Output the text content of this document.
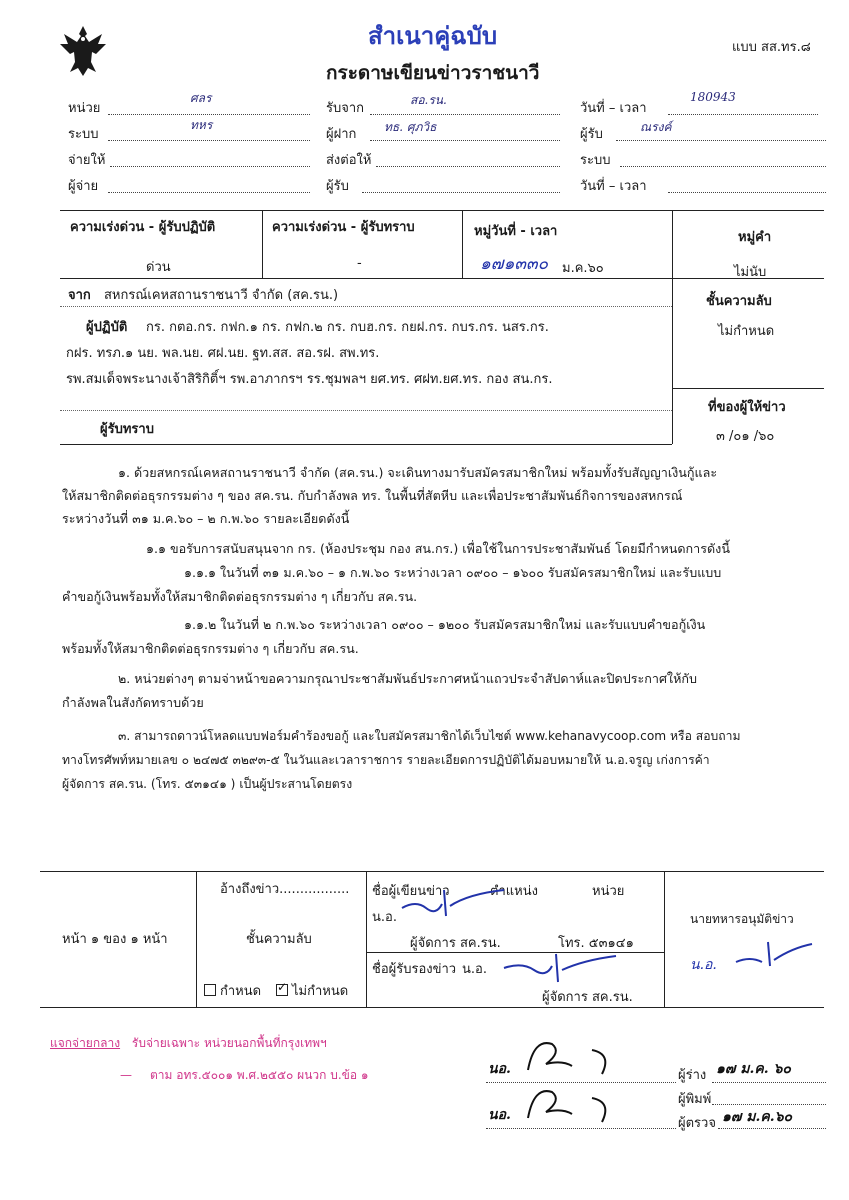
สำเนาคู่ฉบับ	แบบ สส.ทร.๘
กระดาษเขียนข่าวราชนาวี
หน่วย
ศลร
ระบบ
ทหร
จ่ายให้
ผู้จ่าย
รับจาก
สอ.รน.
ผู้ฝาก ทธ. ศุภวิธ
ส่งต่อให้
ผู้รับ
วันที่ – เวลา
180943
ผู้รับ	ณรงค์
ระบบ
วันที่ – เวลา
ความเร่งด่วน - ผู้รับปฏิบัติ
ด่วน
ความเร่งด่วน - ผู้รับทราบ
-
หมู่วันที่ - เวลา
๑๗๑๓๓๐ ม.ค.๖๐
หมู่คำ
ไม่นับ
จาก สหกรณ์เคหสถานราชนาวี จำกัด (สค.รน.)	ชั้นความลับ
ไม่กำหนด
ผู้ปฏิบัติ กร. กตอ.กร. กฟก.๑ กร. กฟก.๒ กร. กบฮ.กร. กยฝ.กร. กบร.กร. นสร.กร.
กฝร. ทรภ.๑ นย. พล.นย. ศฝ.นย. ฐท.สส. สอ.รฝ. สพ.ทร.
รพ.สมเด็จพระนางเจ้าสิริกิติ์ฯ รพ.อาภากรฯ รร.ชุมพลฯ ยศ.ทร. ศฝท.ยศ.ทร. กอง สน.กร.
ผู้รับทราบ
ที่ของผู้ให้ข่าว
๓ /๐๑ /๖๐
๑. ด้วยสหกรณ์เคหสถานราชนาวี จำกัด (สค.รน.) จะเดินทางมารับสมัครสมาชิกใหม่ พร้อมทั้งรับสัญญาเงินกู้และ
ให้สมาชิกติดต่อธุรกรรมต่าง ๆ ของ สค.รน. กับกำลังพล ทร. ในพื้นที่สัตหีบ และเพื่อประชาสัมพันธ์กิจการของสหกรณ์
ระหว่างวันที่ ๓๑ ม.ค.๖๐ – ๒ ก.พ.๖๐ รายละเอียดดังนี้
๑.๑ ขอรับการสนับสนุนจาก กร. (ห้องประชุม กอง สน.กร.) เพื่อใช้ในการประชาสัมพันธ์ โดยมีกำหนดการดังนี้
๑.๑.๑ ในวันที่ ๓๑ ม.ค.๖๐ – ๑ ก.พ.๖๐ ระหว่างเวลา ๐๙๐๐ – ๑๖๐๐ รับสมัครสมาชิกใหม่ และรับแบบ
คำขอกู้เงินพร้อมทั้งให้สมาชิกติดต่อธุรกรรมต่าง ๆ เกี่ยวกับ สค.รน.
๑.๑.๒ ในวันที่ ๒ ก.พ.๖๐ ระหว่างเวลา ๐๙๐๐ – ๑๒๐๐ รับสมัครสมาชิกใหม่ และรับแบบคำขอกู้เงิน
พร้อมทั้งให้สมาชิกติดต่อธุรกรรมต่าง ๆ เกี่ยวกับ สค.รน.
๒. หน่วยต่างๆ ตามจ่าหน้าขอความกรุณาประชาสัมพันธ์ประกาศหน้าแถวประจำสัปดาห์และปิดประกาศให้กับ
กำลังพลในสังกัดทราบด้วย
๓. สามารถดาวน์โหลดแบบฟอร์มคำร้องขอกู้ และใบสมัครสมาชิกได้เว็บไซต์ www.kehanavycoop.com หรือ สอบถาม
ทางโทรศัพท์หมายเลข ๐ ๒๔๗๕ ๓๒๙๓-๕ ในวันและเวลาราชการ รายละเอียดการปฏิบัติได้มอบหมายให้ น.อ.จรูญ เก่งการค้า
ผู้จัดการ สค.รน. (โทร. ๕๓๑๔๑ ) เป็นผู้ประสานโดยตรง
หน้า ๑ ของ ๑ หน้า
อ้างถึงข่าว.................
ชั้นความลับ
กำหนด
✓	ไม่กำหนด
ชื่อผู้เขียนข่าว	ตำแหน่ง	หน่วย
น.อ.
ผู้จัดการ สค.รน.	โทร. ๕๓๑๔๑
ชื่อผู้รับรองข่าว น.อ.
ผู้จัดการ สค.รน.
นายทหารอนุมัติข่าว
น.อ.
แจกจ่ายกลาง รับจ่ายเฉพาะ หน่วยนอกพื้นที่กรุงเทพฯ
— ตาม อทร.๕๐๐๑ พ.ศ.๒๕๕๐ ผนวก บ.ข้อ ๑	นอ.	ผู้ร่าง ๑๗ ม.ค. ๖๐
ผู้พิมพ์
นอ.
ผู้ตรวจ ๑๗ ม.ค.๖๐
